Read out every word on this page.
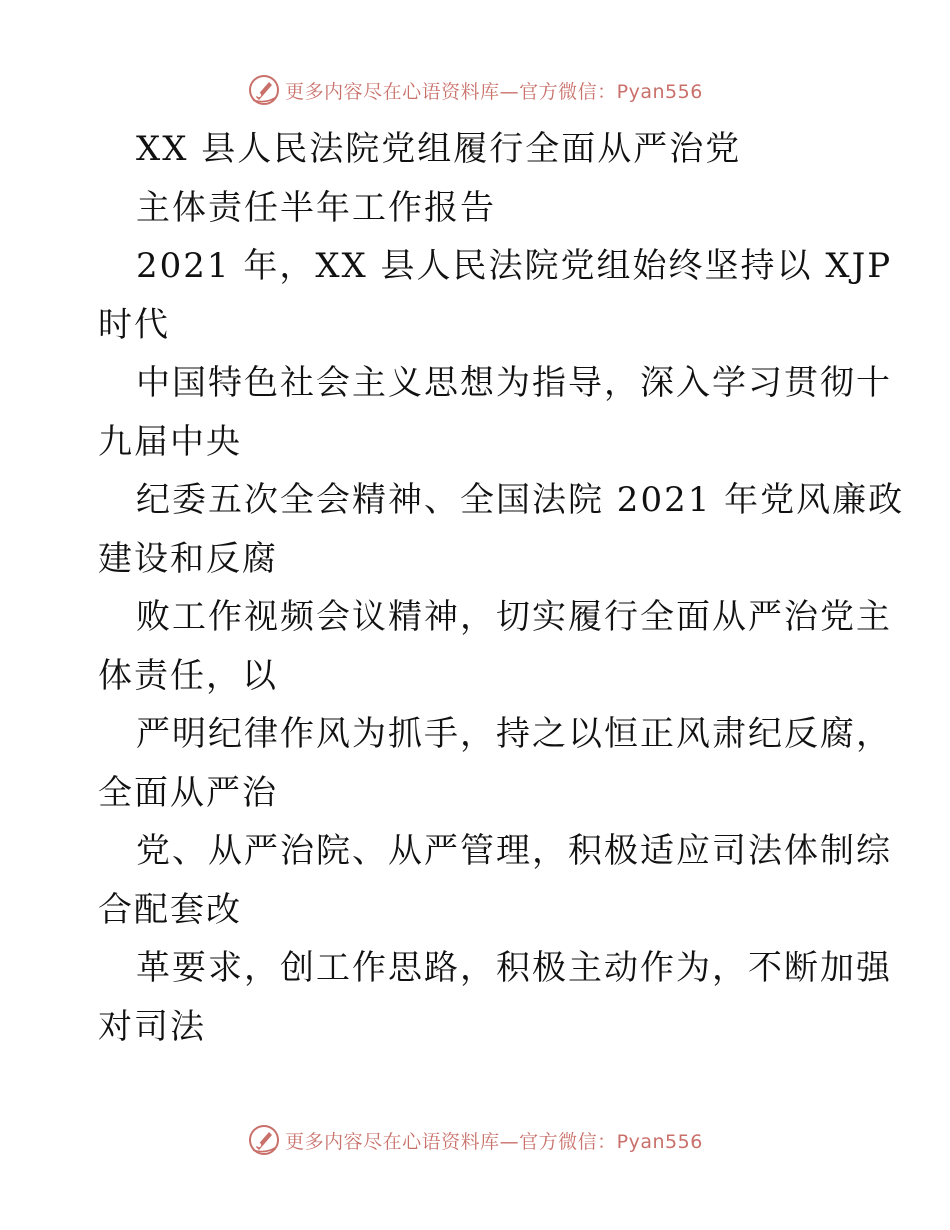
更多内容尽在心语资料库—官方微信：Pyan556
XX 县人民法院党组履行全面从严治党
主体责任半年工作报告
2021 年，XX 县人民法院党组始终坚持以 XJP
时代
中国特色社会主义思想为指导，深入学习贯彻十
九届中央
纪委五次全会精神、全国法院 2021 年党风廉政
建设和反腐
败工作视频会议精神，切实履行全面从严治党主
体责任，以
严明纪律作风为抓手，持之以恒正风肃纪反腐，
全面从严治
党、从严治院、从严管理，积极适应司法体制综
合配套改
革要求，创工作思路，积极主动作为，不断加强
对司法
更多内容尽在心语资料库—官方微信：Pyan556
